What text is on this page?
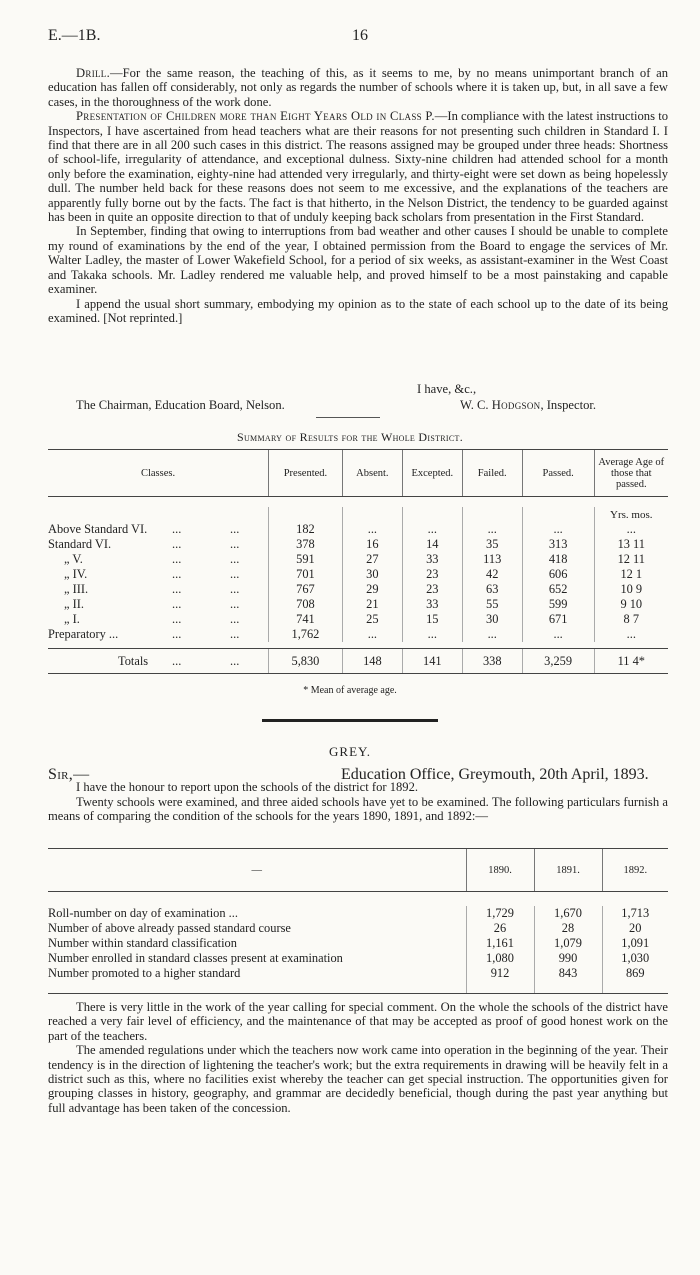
E.—1B.	16

Drill.—For the same reason, the teaching of this, as it seems to me, by no means unimportant branch of an education has fallen off considerably, not only as regards the number of schools where it is taken up, but, in all save a few cases, in the thoroughness of the work done.

Presentation of Children more than Eight Years Old in Class P.—In compliance with the latest instructions to Inspectors, I have ascertained from head teachers what are their reasons for not presenting such children in Standard I. I find that there are in all 200 such cases in this district. The reasons assigned may be grouped under three heads: Shortness of school-life, irregularity of attendance, and exceptional dulness. Sixty-nine children had attended school for a month only before the examination, eighty-nine had attended very irregularly, and thirty-eight were set down as being hopelessly dull. The number held back for these reasons does not seem to me excessive, and the explanations of the teachers are apparently fully borne out by the facts. The fact is that hitherto, in the Nelson District, the tendency to be guarded against has been in quite an opposite direction to that of unduly keeping back scholars from presentation in the First Standard.

In September, finding that owing to interruptions from bad weather and other causes I should be unable to complete my round of examinations by the end of the year, I obtained permission from the Board to engage the services of Mr. Walter Ladley, the master of Lower Wakefield School, for a period of six weeks, as assistant-examiner in the West Coast and Takaka schools. Mr. Ladley rendered me valuable help, and proved himself to be a most painstaking and capable examiner.

I append the usual short summary, embodying my opinion as to the state of each school up to the date of its being examined. [Not reprinted.]

I have, &c.,
The Chairman, Education Board, Nelson.	W. C. Hodgson, Inspector.
Summary of Results for the Whole District.
Classes.	Presented.	Absent.	Excepted.	Failed.	Passed.	Average Age of those that passed.

						Yrs. mos.

Above Standard VI. ... ...	182	...	...	...	...	...

Standard VI. ... ...	378	16	14	35	313	13 11

„ V. ... ...	591	27	33	113	418	12 11

„ IV. ... ...	701	30	23	42	606	12 1

„ III. ... ...	767	29	23	63	652	10 9

„ II. ... ...	708	21	33	55	599	9 10

„ I. ... ...	741	25	15	30	671	8 7

Preparatory ... ... ...	1,762	...	...	...	...	...

Totals ... ...	5,830	148	141	338	3,259	11 4*
* Mean of average age.
GREY.
Sir,—	Education Office, Greymouth, 20th April, 1893.

I have the honour to report upon the schools of the district for 1892.

Twenty schools were examined, and three aided schools have yet to be examined. The following particulars furnish a means of comparing the condition of the schools for the years 1890, 1891, and 1892:—

—	1890.	1891.	1892.

Roll-number on day of examination ...	1,729	1,670	1,713
Number of above already passed standard course	26	28	20
Number within standard classification	1,161	1,079	1,091
Number enrolled in standard classes present at examination	1,080	990	1,030
Number promoted to a higher standard	912	843	869

There is very little in the work of the year calling for special comment. On the whole the schools of the district have reached a very fair level of efficiency, and the maintenance of that may be accepted as proof of good honest work on the part of the teachers.

The amended regulations under which the teachers now work came into operation in the beginning of the year. Their tendency is in the direction of lightening the teacher's work; but the extra requirements in drawing will be heavily felt in a district such as this, where no facilities exist whereby the teacher can get special instruction. The opportunities given for grouping classes in history, geography, and grammar are decidedly beneficial, though during the past year anything but full advantage has been taken of the concession.
